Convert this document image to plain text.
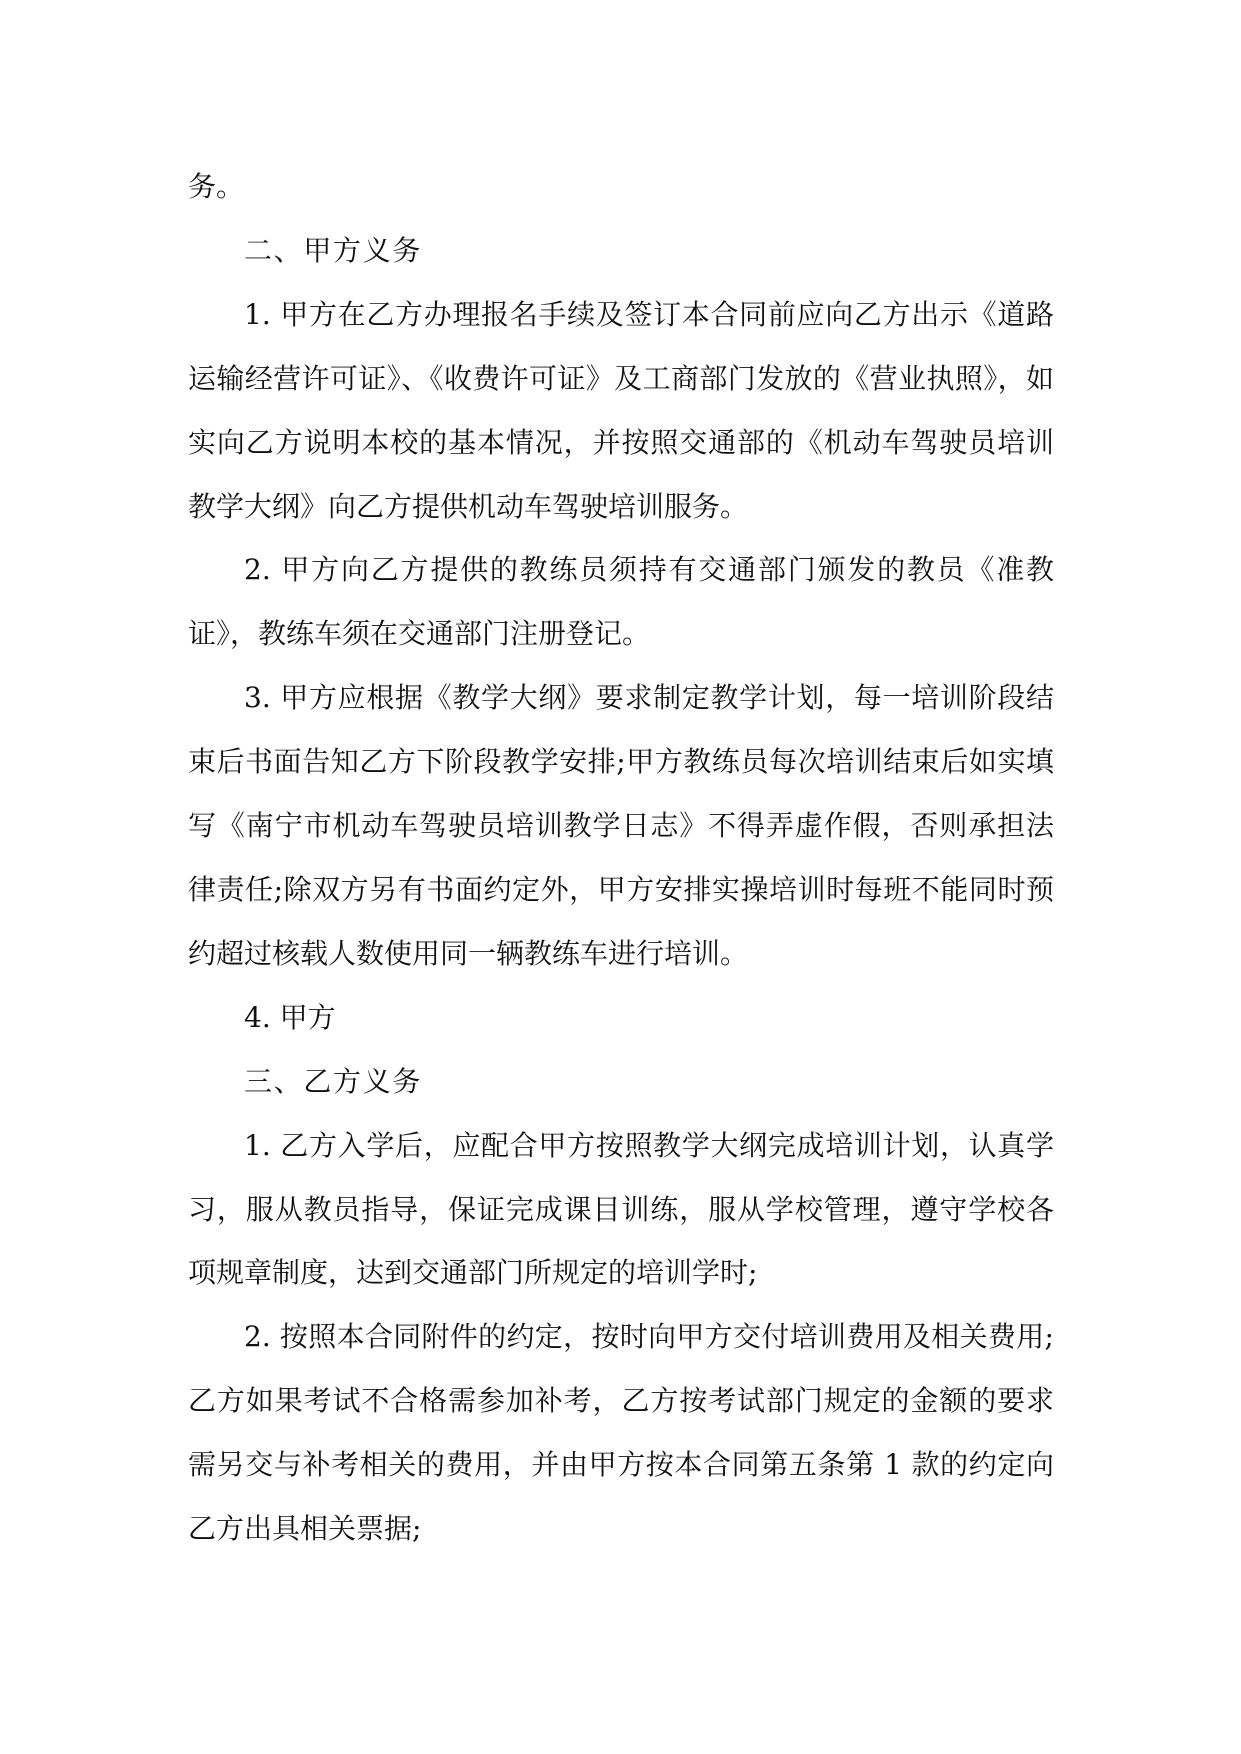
务。

二、甲方义务

1. 甲方在乙方办理报名手续及签订本合同前应向乙方出示《道路运输经营许可证》、《收费许可证》及工商部门发放的《营业执照》，如实向乙方说明本校的基本情况，并按照交通部的《机动车驾驶员培训教学大纲》向乙方提供机动车驾驶培训服务。

2. 甲方向乙方提供的教练员须持有交通部门颁发的教员《准教证》，教练车须在交通部门注册登记。

3. 甲方应根据《教学大纲》要求制定教学计划，每一培训阶段结束后书面告知乙方下阶段教学安排;甲方教练员每次培训结束后如实填写《南宁市机动车驾驶员培训教学日志》不得弄虚作假，否则承担法律责任;除双方另有书面约定外，甲方安排实操培训时每班不能同时预约超过核载人数使用同一辆教练车进行培训。

4. 甲方

三、乙方义务

1. 乙方入学后，应配合甲方按照教学大纲完成培训计划，认真学习，服从教员指导，保证完成课目训练，服从学校管理，遵守学校各项规章制度，达到交通部门所规定的培训学时;

2. 按照本合同附件的约定，按时向甲方交付培训费用及相关费用;乙方如果考试不合格需参加补考，乙方按考试部门规定的金额的要求需另交与补考相关的费用，并由甲方按本合同第五条第 1 款的约定向乙方出具相关票据;
